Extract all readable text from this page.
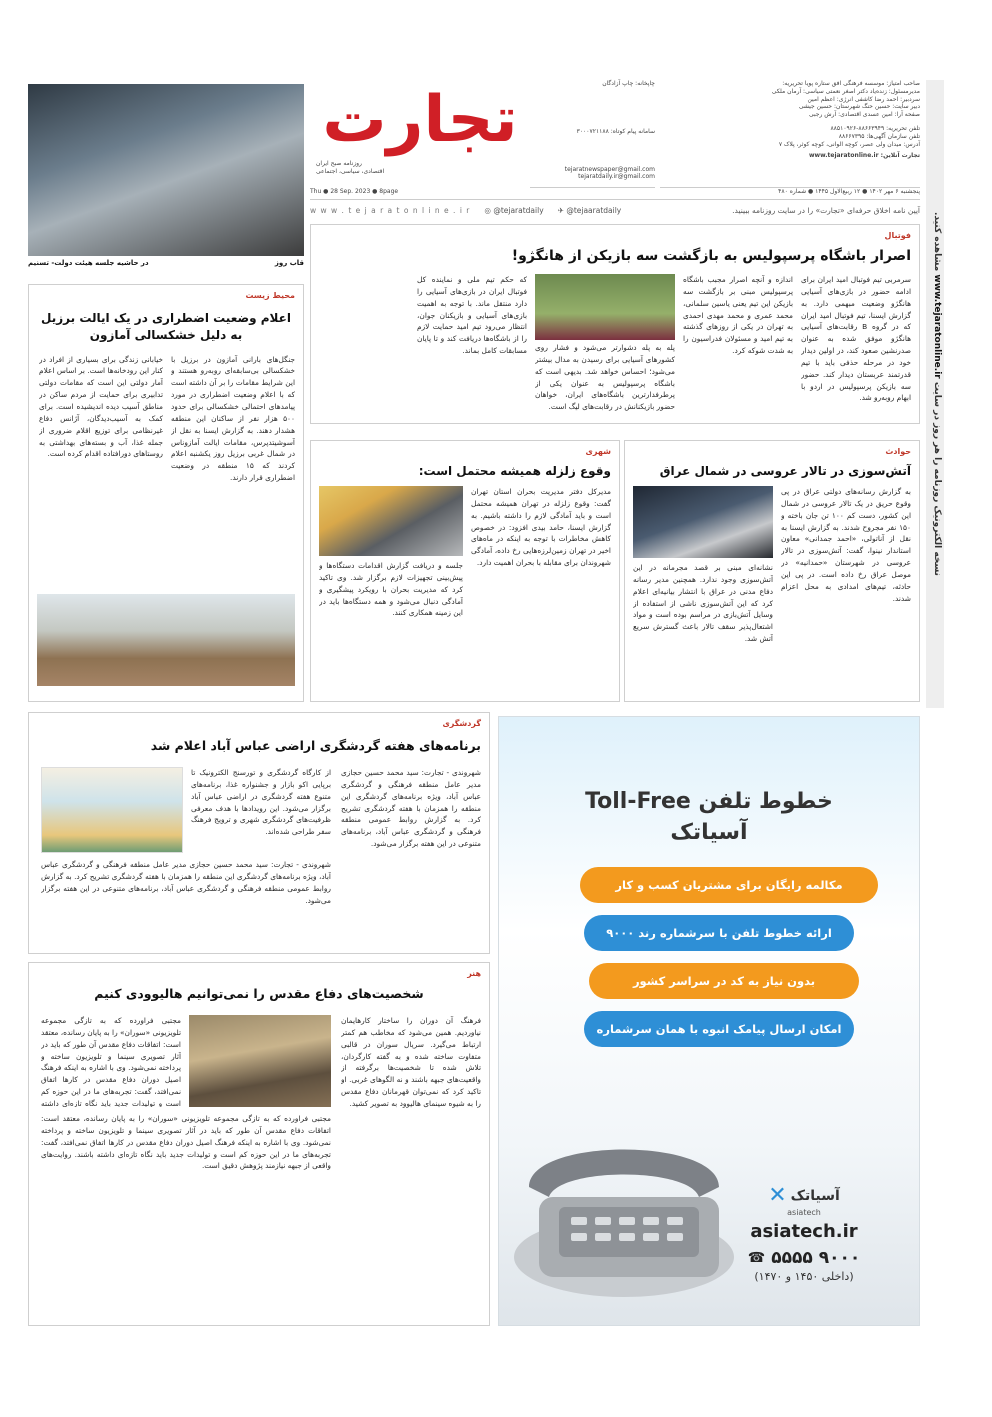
نسخه الکترونیک روزنامه را هر روز در سایت www.tejaratonline.ir مشاهده کنید.
صاحب امتیاز: موسسه فرهنگی افق ستاره پویا تحریریه:
مدیرمسئول: زنده‌یاد دکتر اصغر نعمتی سیاسی: آرمان ملکی
سردبیر: احمد رضا کاشفی انرژی: اعظم امین
دبیر سایت: حسین حنگ شهرستان: حسین جیشی
صفحه آرا: امین عسدی اقتصادی: آرش رجبی
تلفن تحریریه: ۸۸۶۶۳۹۴۹-۸۸۵۱۰۹۲۶
تلفن سازمان آگهی‌ها: ۸۸۶۶۷۳۹۵
آدرس: میدان ولی عصر، کوچه الوانی، کوچه کوثر، پلاک ۷
تجارت آنلاین: www.tejaratonline.ir
چاپخانه: چاپ آزادگان
سامانه پیام کوتاه: ۳۰۰۰۷۲۱۱۸۸
tejaratnewspaper@gmail.com
tejaratdaily.ir@gmail.com
تجارت
روزنامه صبح ایران
اقتصادی، سیاسی، اجتماعی
پنجشنبه ۶ مهر ۱۴۰۲ ● ۱۲ ربیع‌الاول ۱۴۴۵ ● شماره ۴۸۰
Thu ● 28 Sep. 2023 ● 8page
آیین نامه اخلاق حرفه‌ای «تجارت» را در سایت روزنامه ببینید.
✈ @tejaaratdaily
◎ @tejaratdaily
w w w . t e j a r a t o n l i n e . i r
قاب روز
در حاشیه جلسه هیئت دولت- تسنیم
فوتبال
اصرار باشگاه پرسپولیس به بازگشت سه بازیکن از هانگژو!
سرمربی تیم فوتبال امید ایران برای ادامه حضور در بازی‌های آسیایی هانگژو وضعیت مبهمی دارد. به گزارش ایسنا، تیم فوتبال امید ایران که در گروه B رقابت‌های آسیایی هانگژو موفق شده به عنوان صدرنشین صعود کند، در اولین دیدار خود در مرحله حذفی باید با تیم قدرتمند عربستان دیدار کند. حضور سه بازیکن پرسپولیس در اردو با ابهام روبه‌رو شد.
اندازه و آنچه اصرار مجبب باشگاه پرسپولیس مبنی بر بازگشت سه بازیکن این تیم یعنی یاسین سلمانی، محمد عمری و محمد مهدی احمدی به تهران در یکی از روزهای گذشته به تیم امید و مسئولان فدراسیون را به شدت شوکه کرد.
پله به پله دشوارتر می‌شود و فشار روی کشورهای آسیایی برای رسیدن به مدال بیشتر می‌شود؛ احساس خواهد شد. بدیهی است که باشگاه پرسپولیس به عنوان یکی از پرطرفدارترین باشگاه‌های ایران، خواهان حضور بازیکنانش در رقابت‌های لیگ است.
که حکم تیم ملی و نماینده کل فوتبال ایران در بازی‌های آسیایی را دارد منتقل ماند. با توجه به اهمیت بازی‌های آسیایی و بازیکنان جوان، انتظار می‌رود تیم امید حمایت لازم را از باشگاه‌ها دریافت کند و تا پایان مسابقات کامل بماند.
محیط زیست
اعلام وضعیت اضطراری در یک ایالت برزیل به دلیل خشکسالی آمازون
جنگل‌های بارانی آمازون در برزیل با خشکسالی بی‌سابقه‌ای روبه‌رو هستند و این شرایط مقامات را بر آن داشته است که با اعلام وضعیت اضطراری در مورد پیامدهای احتمالی خشکسالی برای حدود ۵۰۰ هزار نفر از ساکنان این منطقه هشدار دهند. به گزارش ایسنا به نقل از آسوشیتدپرس، مقامات ایالت آمازوناس در شمال غربی برزیل روز یکشنبه اعلام کردند که ۱۵ منطقه در وضعیت اضطراری قرار دارند.
خیابانی زندگی برای بسیاری از افراد در کنار این رودخانه‌ها است. بر اساس اعلام آمار دولتی این است که مقامات دولتی تدابیری برای حمایت از مردم ساکن در مناطق آسیب دیده اندیشیده است. برای کمک به آسیب‌دیدگان، آژانس دفاع غیرنظامی برای توزیع اقلام ضروری از جمله غذا، آب و بسته‌های بهداشتی به روستاهای دورافتاده اقدام کرده است.	حوادث
آتش‌سوزی در تالار عروسی در شمال عراق
به گزارش رسانه‌های دولتی عراق در پی وقوع حریق در یک تالار عروسی در شمال این کشور، دست کم ۱۰۰ تن جان باخته و ۱۵۰ نفر مجروح شدند. به گزارش ایسنا به نقل از آناتولی، «احمد جمدانی» معاون استاندار نینوا، گفت: آتش‌سوزی در تالار عروسی در شهرستان «حمدانیه» در موصل عراق رخ داده است. در پی این حادثه، تیم‌های امدادی به محل اعزام شدند.
نشانه‌ای مبنی بر قصد مجرمانه در این آتش‌سوزی وجود ندارد. همچنین مدیر رسانه دفاع مدنی در عراق با انتشار بیانیه‌ای اعلام کرد که این آتش‌سوزی ناشی از استفاده از وسایل آتش‌بازی در مراسم بوده است و مواد اشتعال‌پذیر سقف تالار باعث گسترش سریع آتش شد.
شهری
وقوع زلزله همیشه محتمل است:
مدیرکل دفتر مدیریت بحران استان تهران گفت: وقوع زلزله در تهران همیشه محتمل است و باید آمادگی لازم را داشته باشیم. به گزارش ایسنا، حامد بیدی افزود: در خصوص کاهش مخاطرات با توجه به اینکه در ماه‌های اخیر در تهران زمین‌لرزه‌هایی رخ داده، آمادگی شهروندان برای مقابله با بحران اهمیت دارد.
جلسه و دریافت گزارش اقدامات دستگاه‌ها و پیش‌بینی تجهیزات لازم برگزار شد. وی تاکید کرد که مدیریت بحران با رویکرد پیشگیری و آمادگی دنبال می‌شود و همه دستگاه‌ها باید در این زمینه همکاری کنند.
گردشگری
برنامه‌های هفته گردشگری اراضی عباس آباد اعلام شد
شهروندی - تجارت: سید محمد حسین حجازی مدیر عامل منطقه فرهنگی و گردشگری عباس آباد، ویژه برنامه‌های گردشگری این منطقه را همزمان با هفته گردشگری تشریح کرد. به گزارش روابط عمومی منطقه فرهنگی و گردشگری عباس آباد، برنامه‌های متنوعی در این هفته برگزار می‌شود.
از کارگاه گردشگری و تورسنج الکترونیک تا برپایی اکو بازار و جشنواره غذا، برنامه‌های متنوع هفته گردشگری در اراضی عباس آباد برگزار می‌شود. این رویدادها با هدف معرفی ظرفیت‌های گردشگری شهری و ترویج فرهنگ سفر طراحی شده‌اند.
شهروندی - تجارت: سید محمد حسین حجازی مدیر عامل منطقه فرهنگی و گردشگری عباس آباد، ویژه برنامه‌های گردشگری این منطقه را همزمان با هفته گردشگری تشریح کرد. به گزارش روابط عمومی منطقه فرهنگی و گردشگری عباس آباد، برنامه‌های متنوعی در این هفته برگزار می‌شود.
هنر
شخصیت‌های دفاع مقدس را نمی‌توانیم هالیوودی کنیم
فرهنگ آن دوران را ساختار کارهایمان نیاوردیم. همین می‌شود که مخاطب هم کمتر ارتباط می‌گیرد. سریال سوران در قالبی متفاوت ساخته شده و به گفته کارگردان، تلاش شده تا شخصیت‌ها برگرفته از واقعیت‌های جبهه باشند و نه الگوهای غربی. او تاکید کرد که نمی‌توان قهرمانان دفاع مقدس را به شیوه سینمای هالیوود به تصویر کشید.
مجتبی فراورده که به تازگی مجموعه تلویزیونی «سوران» را به پایان رسانده، معتقد است: اتفاقات دفاع مقدس آن طور که باید در آثار تصویری سینما و تلویزیون ساخته و پرداخته نمی‌شود. وی با اشاره به اینکه فرهنگ اصیل دوران دفاع مقدس در کارها اتفاق نمی‌افتد، گفت: تجربه‌های ما در این حوزه کم است و تولیدات جدید باید نگاه تازه‌ای داشته
مجتبی فراورده که به تازگی مجموعه تلویزیونی «سوران» را به پایان رسانده، معتقد است: اتفاقات دفاع مقدس آن طور که باید در آثار تصویری سینما و تلویزیون ساخته و پرداخته نمی‌شود. وی با اشاره به اینکه فرهنگ اصیل دوران دفاع مقدس در کارها اتفاق نمی‌افتد، گفت: تجربه‌های ما در این حوزه کم است و تولیدات جدید باید نگاه تازه‌ای داشته باشند. روایت‌های واقعی از جبهه نیازمند پژوهش دقیق است.
خطوط تلفن Toll-Free
آسیاتک
مکالمه رایگان برای مشتریان کسب و کار
ارائه خطوط تلفن با سرشماره رند ۹۰۰۰
بدون نیاز به کد در سراسر کشور
امکان ارسال پیامک انبوه با همان سرشماره
آسیاتک
✕
asiatech
asiatech.ir
۹۰۰۰ ۵۵۵۵
☎
(داخلی ۱۴۵۰ و ۱۴۷۰)
